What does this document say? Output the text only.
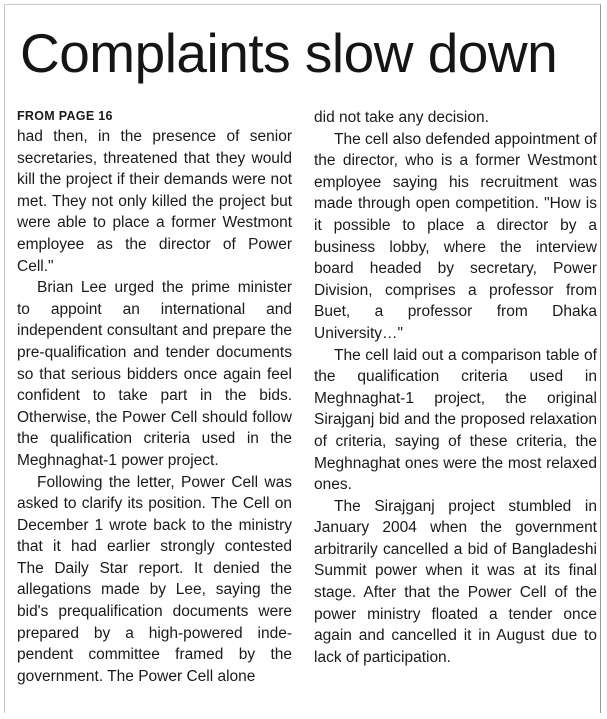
Complaints slow down
FROM PAGE 16

had then, in the presence of senior secretaries, threatened that they would kill the project if their demands were not met. They not only killed the project but were able to place a former Westmont employee as the director of Power Cell."

Brian Lee urged the prime minister to appoint an international and independent consultant and prepare the pre-qualification and tender documents so that serious bidders once again feel confident to take part in the bids. Otherwise, the Power Cell should follow the qualification criteria used in the Meghnaghat-1 power project.

Following the letter, Power Cell was asked to clarify its position. The Cell on December 1 wrote back to the ministry that it had earlier strongly contested The Daily Star report. It denied the allegations made by Lee, saying the bid's prequalification documents were prepared by a high-powered independent committee framed by the government. The Power Cell alone

did not take any decision.

The cell also defended appointment of the director, who is a former Westmont employee saying his recruitment was made through open competition. "How is it possible to place a director by a business lobby, where the interview board headed by secretary, Power Division, comprises a professor from Buet, a professor from Dhaka University…"

The cell laid out a comparison table of the qualification criteria used in Meghnaghat-1 project, the original Sirajganj bid and the proposed relaxation of criteria, saying of these criteria, the Meghnaghat ones were the most relaxed ones.

The Sirajganj project stumbled in January 2004 when the government arbitrarily cancelled a bid of Bangladeshi Summit power when it was at its final stage. After that the Power Cell of the power ministry floated a tender once again and cancelled it in August due to lack of participation.
